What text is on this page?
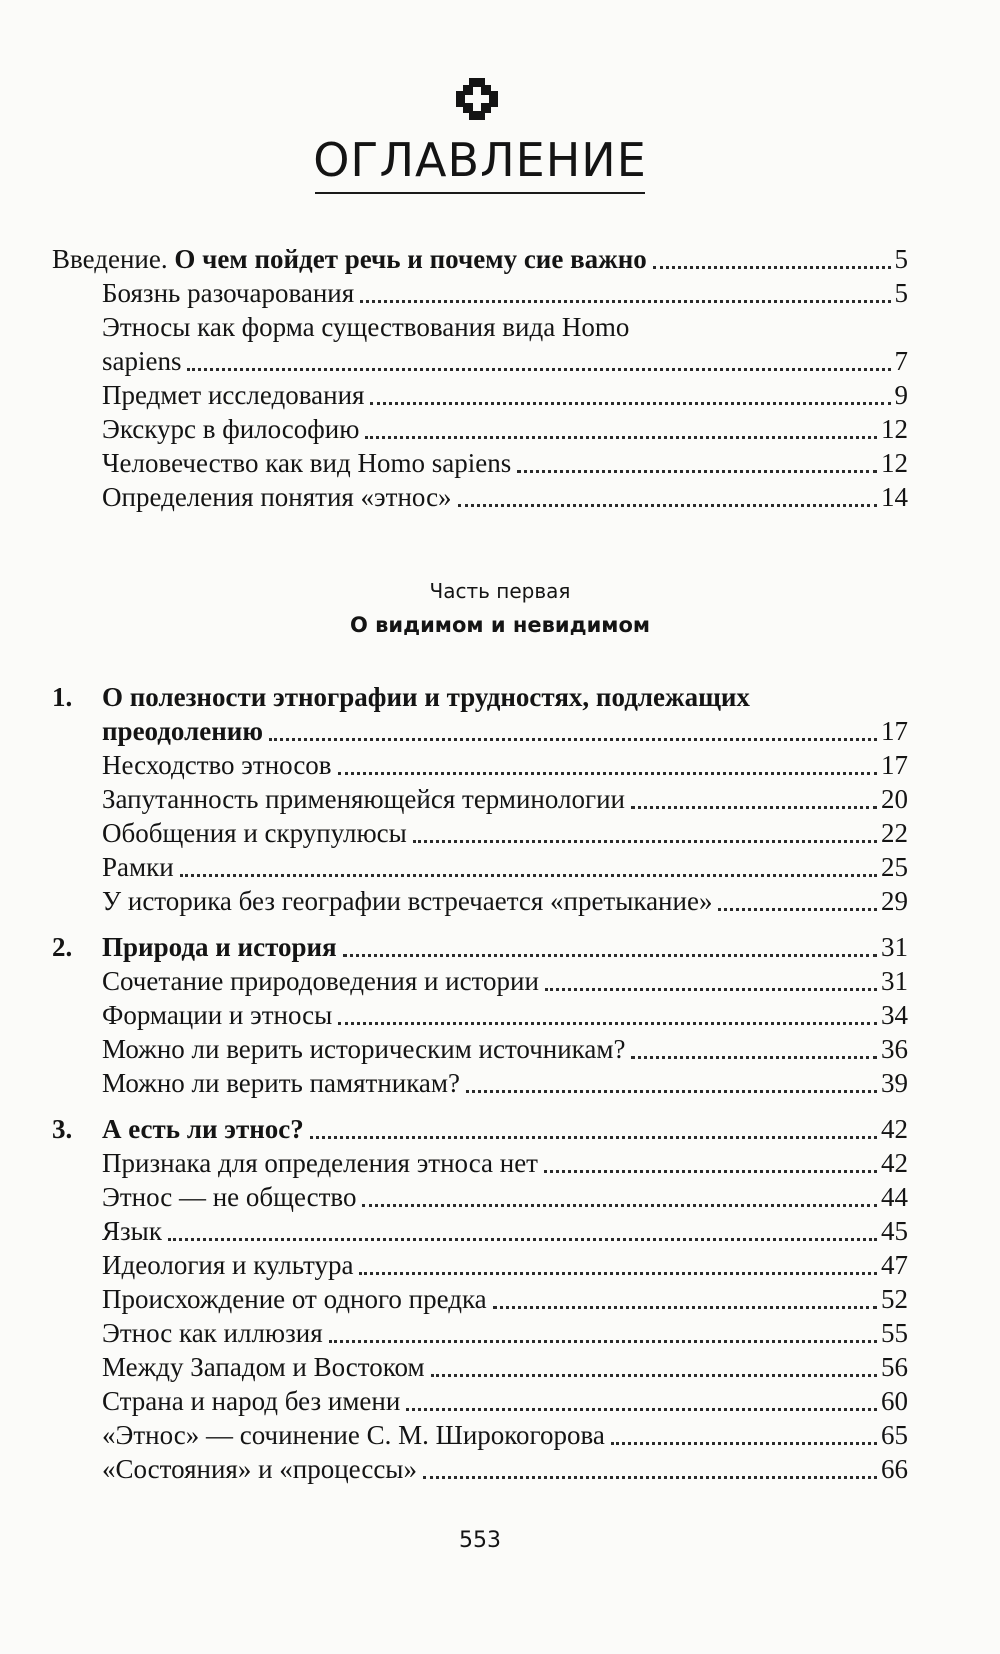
ОГЛАВЛЕНИЕ
Введение. О чем пойдет речь и почему сие важно	5
Боязнь разочарования	5
Этносы как форма существования вида Homo
sapiens	7
Предмет исследования	9
Экскурс в философию	12
Человечество как вид Homo sapiens	12
Определения понятия «этнос»	14
Часть первая
О видимом и невидимом
1. О полезности этнографии и трудностях, подлежащих
преодолению	17
Несходство этносов	17
Запутанность применяющейся терминологии	20
Обобщения и скрупулюсы	22
Рамки	25
У историка без географии встречается «претыкание»	29
2. Природа и история	31
Сочетание природоведения и истории	31
Формации и этносы	34
Можно ли верить историческим источникам?	36
Можно ли верить памятникам?	39
3. А есть ли этнос?	42
Признака для определения этноса нет	42
Этнос — не общество	44
Язык	45
Идеология и культура	47
Происхождение от одного предка	52
Этнос как иллюзия	55
Между Западом и Востоком	56
Страна и народ без имени	60
«Этнос» — сочинение С. М. Широкогорова	65
«Состояния» и «процессы»	66
553
